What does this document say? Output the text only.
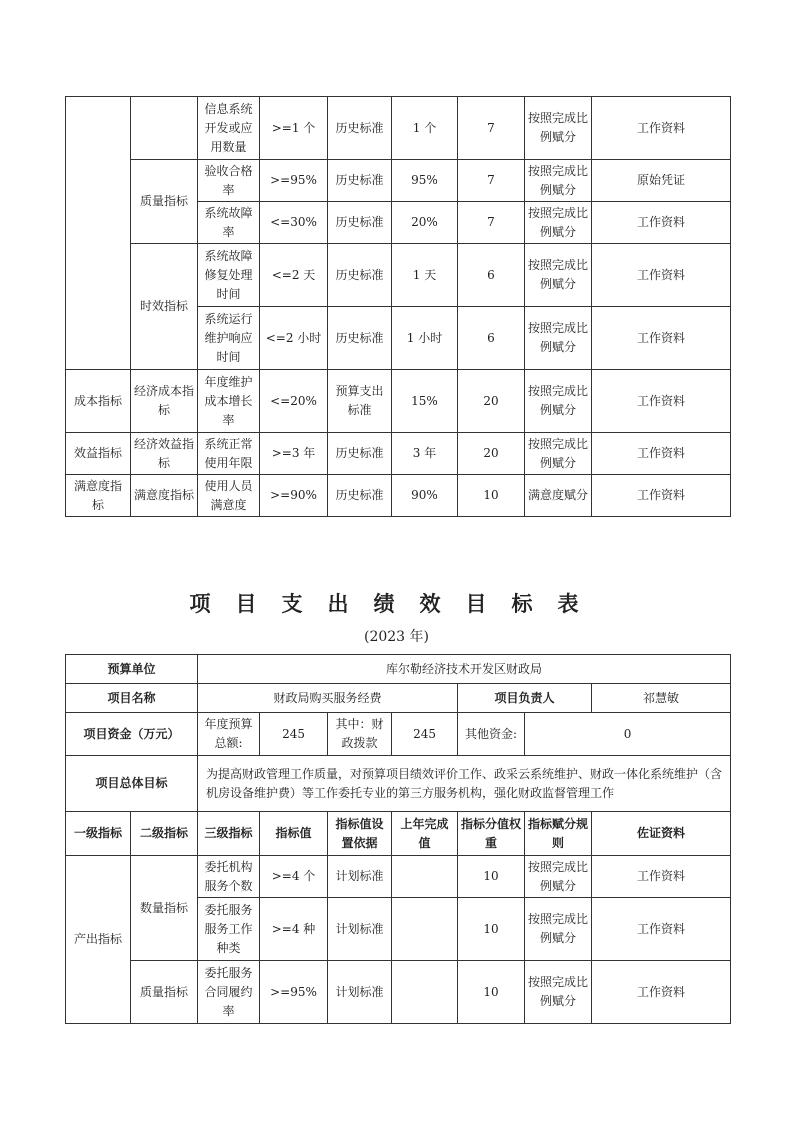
		信息系统开发或应用数量	>=1 个	历史标准	1 个	7	按照完成比例赋分	工作资料
	质量指标	验收合格率	>=95%	历史标准	95%	7	按照完成比例赋分	原始凭证
		系统故障率	<=30%	历史标准	20%	7	按照完成比例赋分	工作资料
	时效指标	系统故障修复处理时间	<=2 天	历史标准	1 天	6	按照完成比例赋分	工作资料
		系统运行维护响应时间	<=2 小时	历史标准	1 小时	6	按照完成比例赋分	工作资料
成本指标	经济成本指标	年度维护成本增长率	<=20%	预算支出标准	15%	20	按照完成比例赋分	工作资料
效益指标	经济效益指标	系统正常使用年限	>=3 年	历史标准	3 年	20	按照完成比例赋分	工作资料
满意度指标	满意度指标	使用人员满意度	>=90%	历史标准	90%	10	满意度赋分	工作资料
项目支出绩效目标表
(2023 年)
预算单位		库尔勒经济技术开发区财政局						
项目名称		财政局购买服务经费				项目负责人		祁慧敏
项目资金（万元）		年度预算总额:	245	其中：财政拨款	245	其他资金:	0	
项目总体目标		为提高财政管理工作质量，对预算项目绩效评价工作、政采云系统维护、财政一体化系统维护（含机房设备维护费）等工作委托专业的第三方服务机构，强化财政监督管理工作						
一级指标	二级指标	三级指标	指标值	指标值设置依据	上年完成值	指标分值权重	指标赋分规则	佐证资料
产出指标	数量指标	委托机构服务个数	>=4 个	计划标准		10	按照完成比例赋分	工作资料
		委托服务服务工作种类	>=4 种	计划标准		10	按照完成比例赋分	工作资料
	质量指标	委托服务合同履约率	>=95%	计划标准		10	按照完成比例赋分	工作资料
